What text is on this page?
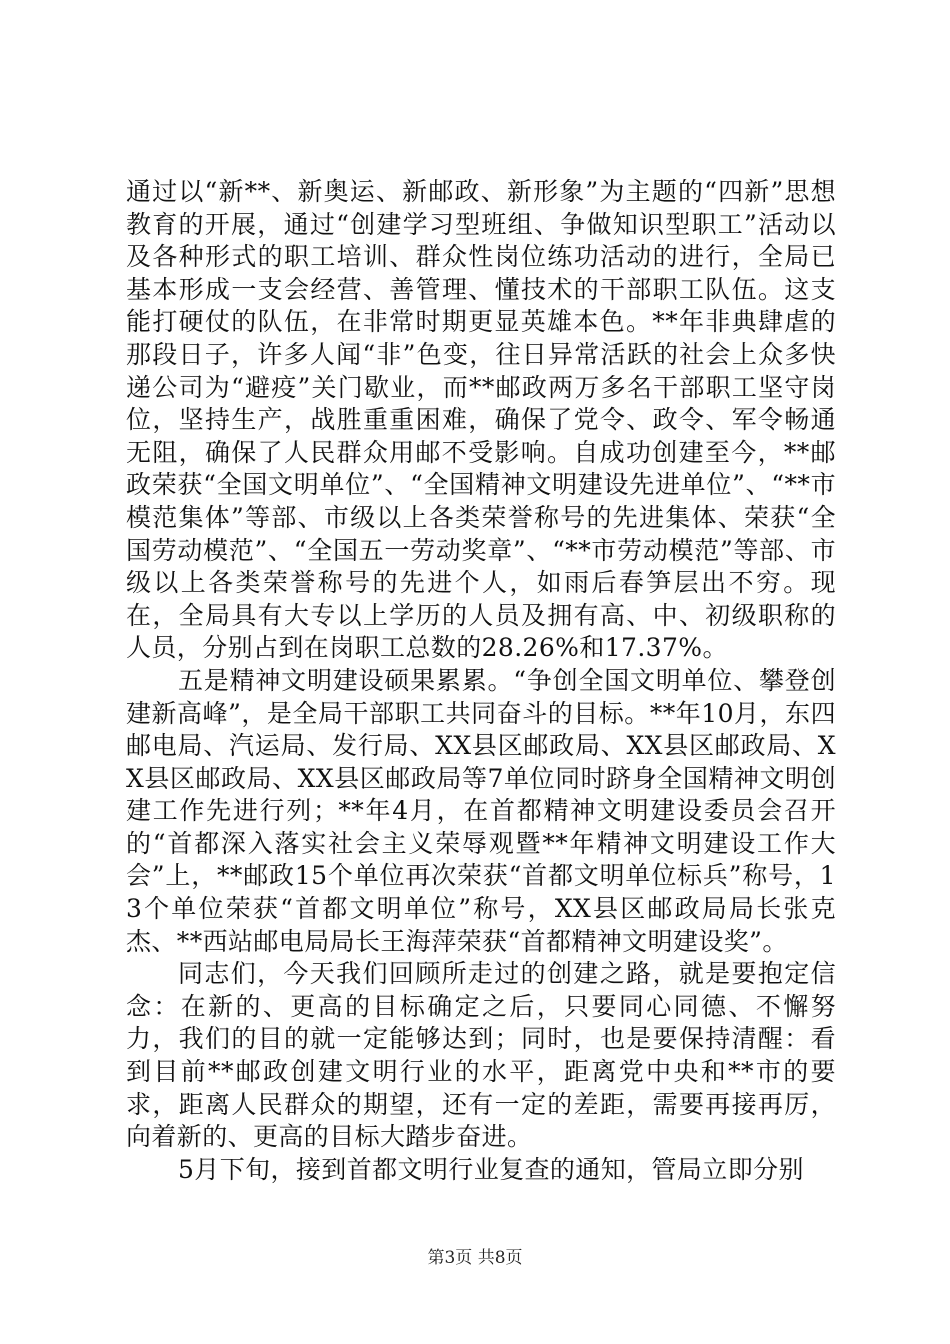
通过以“新**、新奥运、新邮政、新形象”为主题的“四新”思想教育的开展，通过“创建学习型班组、争做知识型职工”活动以及各种形式的职工培训、群众性岗位练功活动的进行，全局已基本形成一支会经营、善管理、懂技术的干部职工队伍。这支能打硬仗的队伍，在非常时期更显英雄本色。**年非典肆虐的那段日子，许多人闻“非”色变，往日异常活跃的社会上众多快递公司为“避疫”关门歇业，而**邮政两万多名干部职工坚守岗位，坚持生产，战胜重重困难，确保了党令、政令、军令畅通无阻，确保了人民群众用邮不受影响。自成功创建至今，**邮政荣获“全国文明单位”、“全国精神文明建设先进单位”、“**市模范集体”等部、市级以上各类荣誉称号的先进集体、荣获“全国劳动模范”、“全国五一劳动奖章”、“**市劳动模范”等部、市级以上各类荣誉称号的先进个人，如雨后春笋层出不穷。现在，全局具有大专以上学历的人员及拥有高、中、初级职称的人员，分别占到在岗职工总数的28.26%和17.37%。

五是精神文明建设硕果累累。“争创全国文明单位、攀登创建新高峰”，是全局干部职工共同奋斗的目标。**年10月，东四邮电局、汽运局、发行局、XX县区邮政局、XX县区邮政局、XX县区邮政局、XX县区邮政局等7单位同时跻身全国精神文明创建工作先进行列；**年4月，在首都精神文明建设委员会召开的“首都深入落实社会主义荣辱观暨**年精神文明建设工作大会”上，**邮政15个单位再次荣获“首都文明单位标兵”称号，13个单位荣获“首都文明单位”称号，XX县区邮政局局长张克杰、**西站邮电局局长王海萍荣获“首都精神文明建设奖”。

同志们，今天我们回顾所走过的创建之路，就是要抱定信念：在新的、更高的目标确定之后，只要同心同德、不懈努力，我们的目的就一定能够达到；同时，也是要保持清醒：看到目前**邮政创建文明行业的水平，距离党中央和**市的要求，距离人民群众的期望，还有一定的差距，需要再接再厉，向着新的、更高的目标大踏步奋进。

5月下旬，接到首都文明行业复查的通知，管局立即分别

第3页 共8页
